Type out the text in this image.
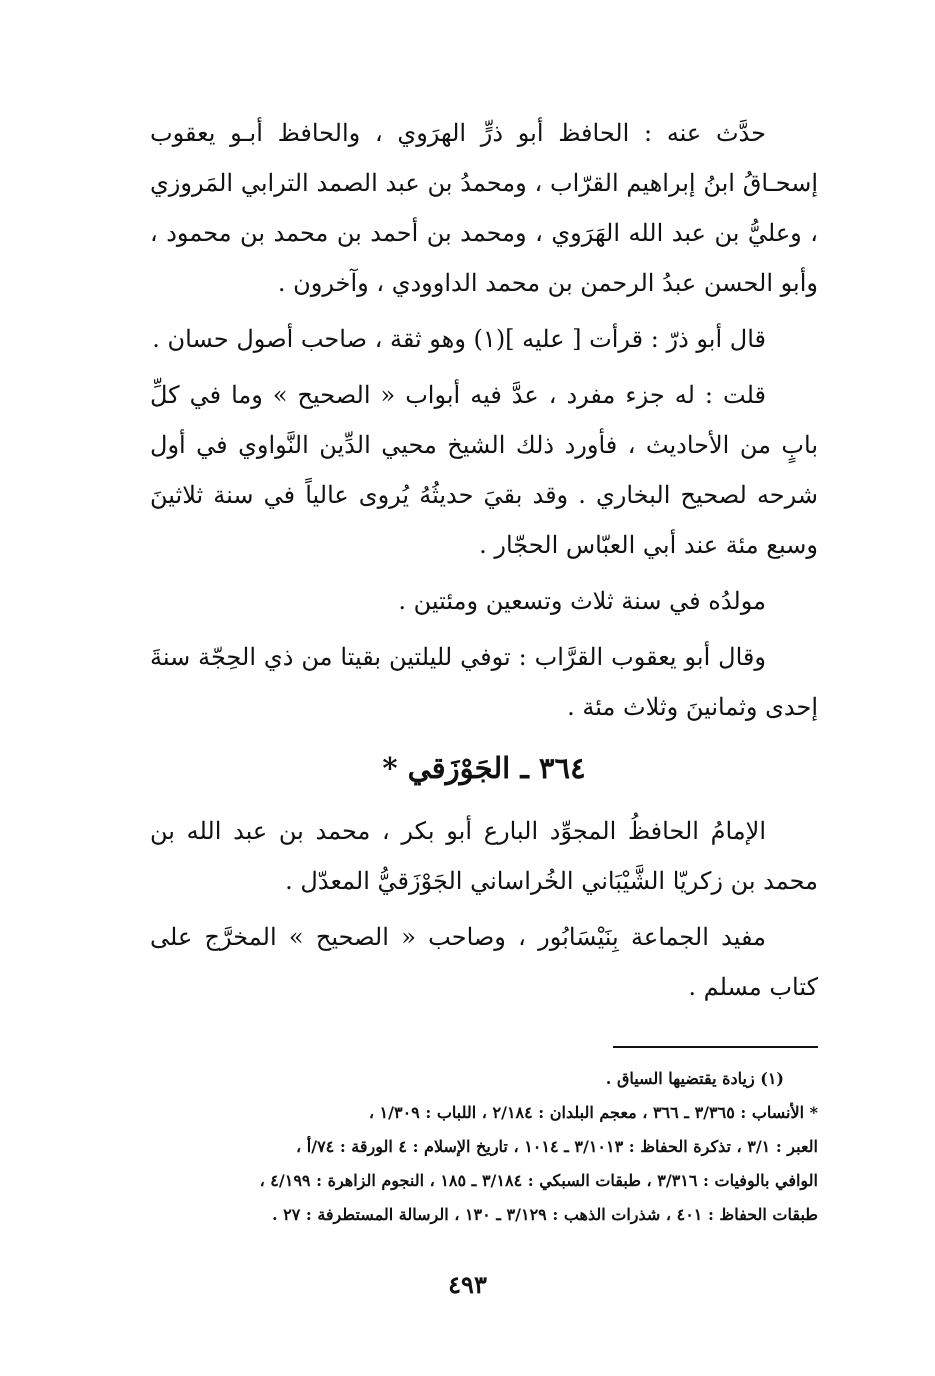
حدَّث عنه : الحافظ أبو ذرٍّ الهرَوي ، والحافظ أبـو يعقوب إسحـاقُ ابنُ إبراهيم القرّاب ، ومحمدُ بن عبد الصمد الترابي المَروزي ، وعليُّ بن عبد الله الهَرَوي ، ومحمد بن أحمد بن محمد بن محمود ، وأبو الحسن عبدُ الرحمن بن محمد الداوودي ، وآخرون .

قال أبو ذرّ : قرأت [ عليه ](١) وهو ثقة ، صاحب أصول حسان .

قلت : له جزء مفرد ، عدَّ فيه أبواب « الصحيح » وما في كلِّ بابٍ من الأحاديث ، فأورد ذلك الشيخ محيي الدِّين النَّواوي في أول شرحه لصحيح البخاري . وقد بقيَ حديثُهُ يُروى عالياً في سنة ثلاثينَ وسبع مئة عند أبي العبّاس الحجّار .

مولدُه في سنة ثلاث وتسعين ومئتين .

وقال أبو يعقوب القرَّاب : توفي لليلتين بقيتا من ذي الحِجّة سنةَ إحدى وثمانينَ وثلاث مئة .

٣٦٤ ـ الجَوْزَقي *

الإمامُ الحافظُ المجوِّد البارع أبو بكر ، محمد بن عبد الله بن محمد بن زكريّا الشَّيْبَاني الخُراساني الجَوْزَقيُّ المعدّل .

مفيد الجماعة بِنَيْسَابُور ، وصاحب « الصحيح » المخرَّج على كتاب مسلم .

(١) زيادة يقتضيها السياق .
* الأنساب : ٣/٣٦٥ ـ ٣٦٦ ، معجم البلدان : ٢/١٨٤ ، اللباب : ١/٣٠٩ ،
العبر : ٣/١ ، تذكرة الحفاظ : ٣/١٠١٣ ـ ١٠١٤ ، تاريخ الإسلام : ٤ الورقة : ٧٤/أ ،
الوافي بالوفيات : ٣/٣١٦ ، طبقات السبكي : ٣/١٨٤ ـ ١٨٥ ، النجوم الزاهرة : ٤/١٩٩ ،
طبقات الحفاظ : ٤٠١ ، شذرات الذهب : ٣/١٢٩ ـ ١٣٠ ، الرسالة المستطرفة : ٢٧ .
٤٩٣
